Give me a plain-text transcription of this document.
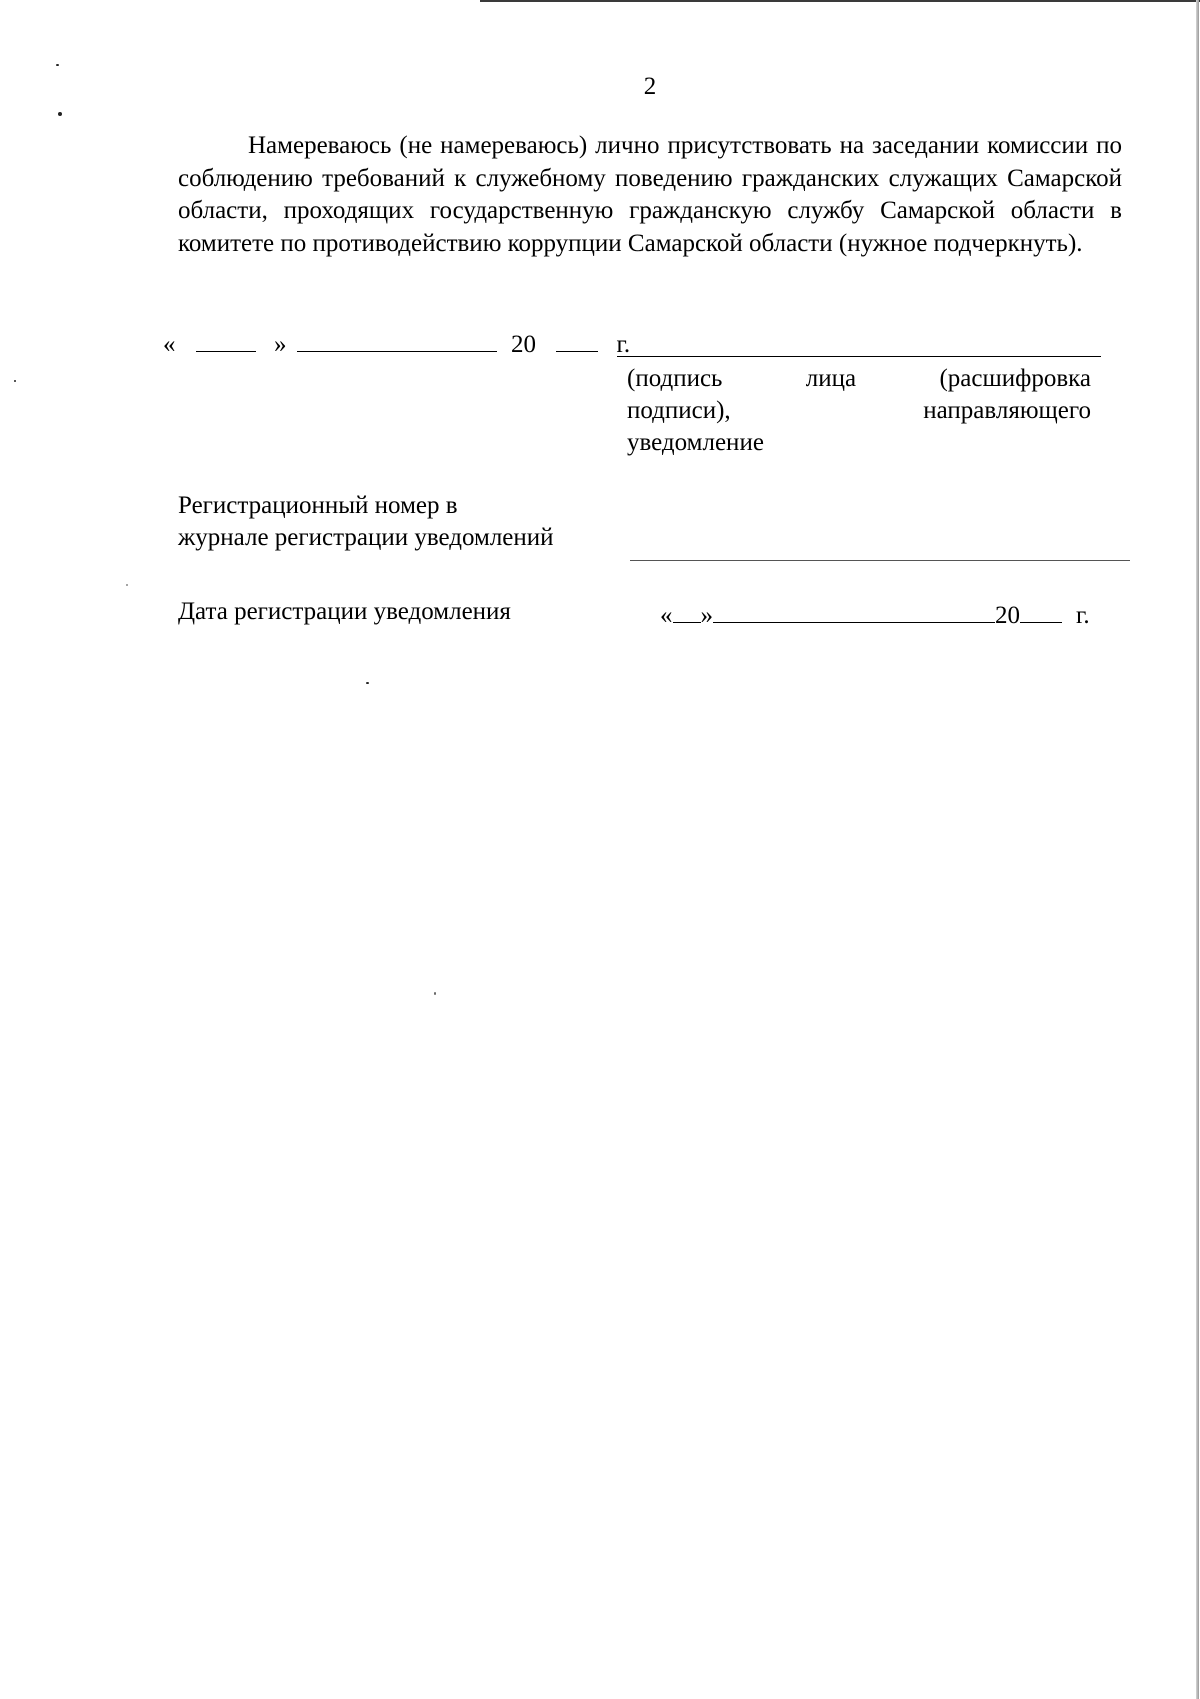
2

Намереваюсь (не намереваюсь) лично присутствовать на заседании комиссии по соблюдению требований к служебному поведению гражданских служащих Самарской области, проходящих государственную гражданскую службу Самарской области в комитете по противодействию коррупции Самарской области (нужное подчеркнуть).

«	»	20	г.

(подпись лица (расшифровка

подписи), направляющего

уведомление

Регистрационный номер в
журнале регистрации уведомлений
Дата регистрации уведомления	« »	20 г.
